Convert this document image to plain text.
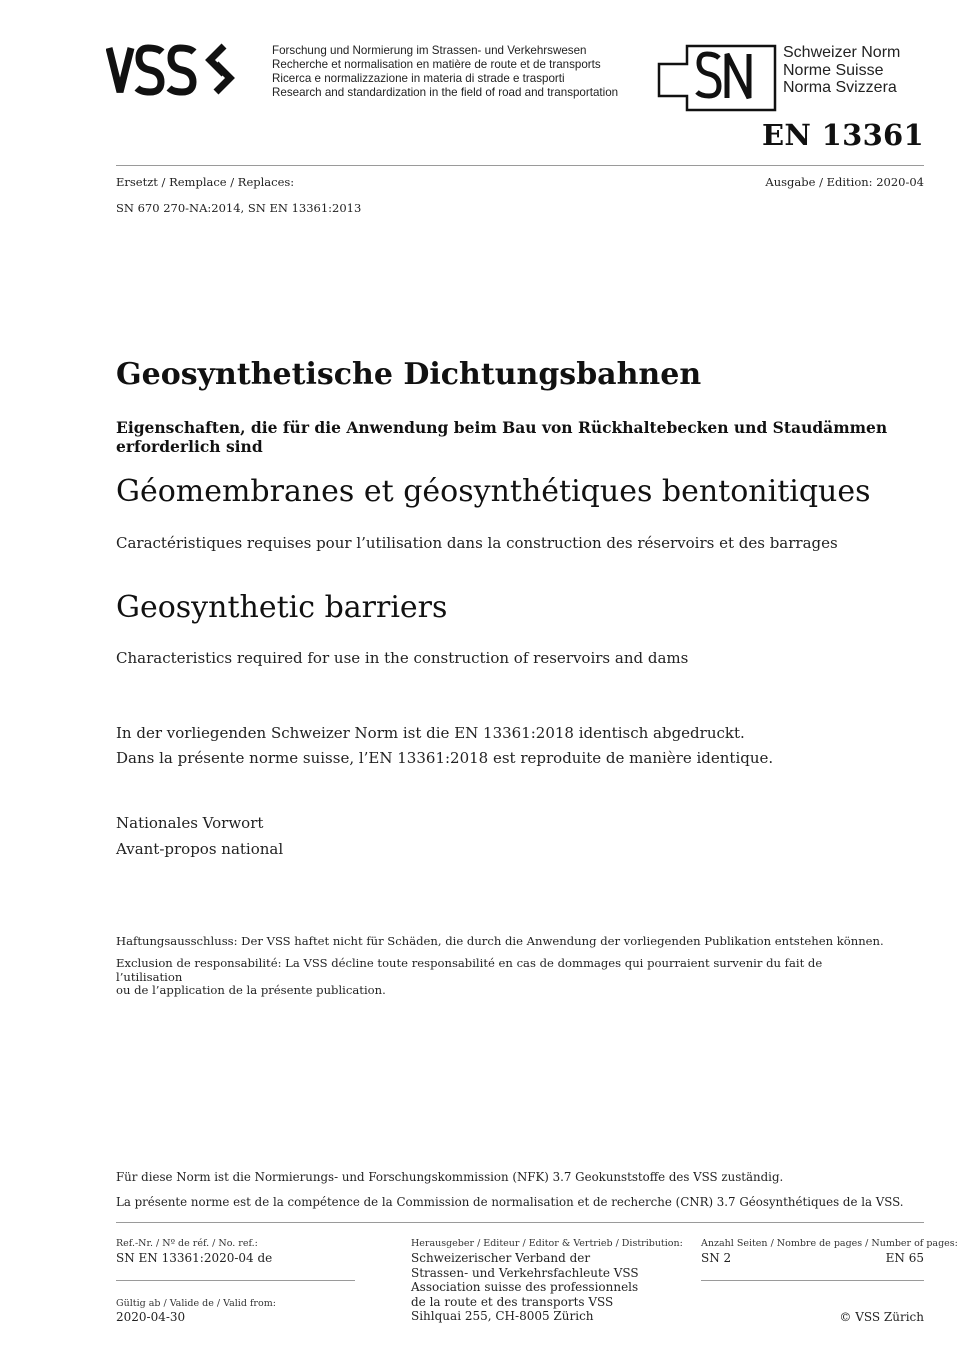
Forschung und Normierung im Strassen- und Verkehrswesen
Recherche et normalisation en matière de route et de transports
Ricerca e normalizzazione in materia di strade e trasporti
Research and standardization in the field of road and transportation
Schweizer Norm
Norme Suisse
Norma Svizzera
EN 13361
Ersetzt / Remplace / Replaces:	Ausgabe / Edition: 2020-04
SN 670 270-NA:2014, SN EN 13361:2013
Geosynthetische Dichtungsbahnen
Eigenschaften, die für die Anwendung beim Bau von Rückhaltebecken und Staudämmen erforderlich sind
Géomembranes et géosynthétiques bentonitiques
Caractéristiques requises pour l’utilisation dans la construction des réservoirs et des barrages
Geosynthetic barriers
Characteristics required for use in the construction of reservoirs and dams
In der vorliegenden Schweizer Norm ist die EN 13361:2018 identisch abgedruckt.
Dans la présente norme suisse, l’EN 13361:2018 est reproduite de manière identique.
Nationales Vorwort
Avant-propos national
Haftungsausschluss: Der VSS haftet nicht für Schäden, die durch die Anwendung der vorliegenden Publikation entstehen können.
Exclusion de responsabilité: La VSS décline toute responsabilité en cas de dommages qui pourraient survenir du fait de l’utilisation
ou de l’application de la présente publication.
Für diese Norm ist die Normierungs- und Forschungskommission (NFK) 3.7 Geokunststoffe des VSS zuständig.
La présente norme est de la compétence de la Commission de normalisation et de recherche (CNR) 3.7 Géosynthétiques de la VSS.
Ref.-Nr. / Nº de réf. / No. ref.:
SN EN 13361:2020-04 de
Gültig ab / Valide de / Valid from:
2020-04-30
Herausgeber / Editeur / Editor & Vertrieb / Distribution:
Schweizerischer Verband der
Strassen- und Verkehrsfachleute VSS
Association suisse des professionnels
de la route et des transports VSS
Sihlquai 255, CH-8005 Zürich
Anzahl Seiten / Nombre de pages / Number of pages:
SN 2	EN 65
© VSS Zürich
